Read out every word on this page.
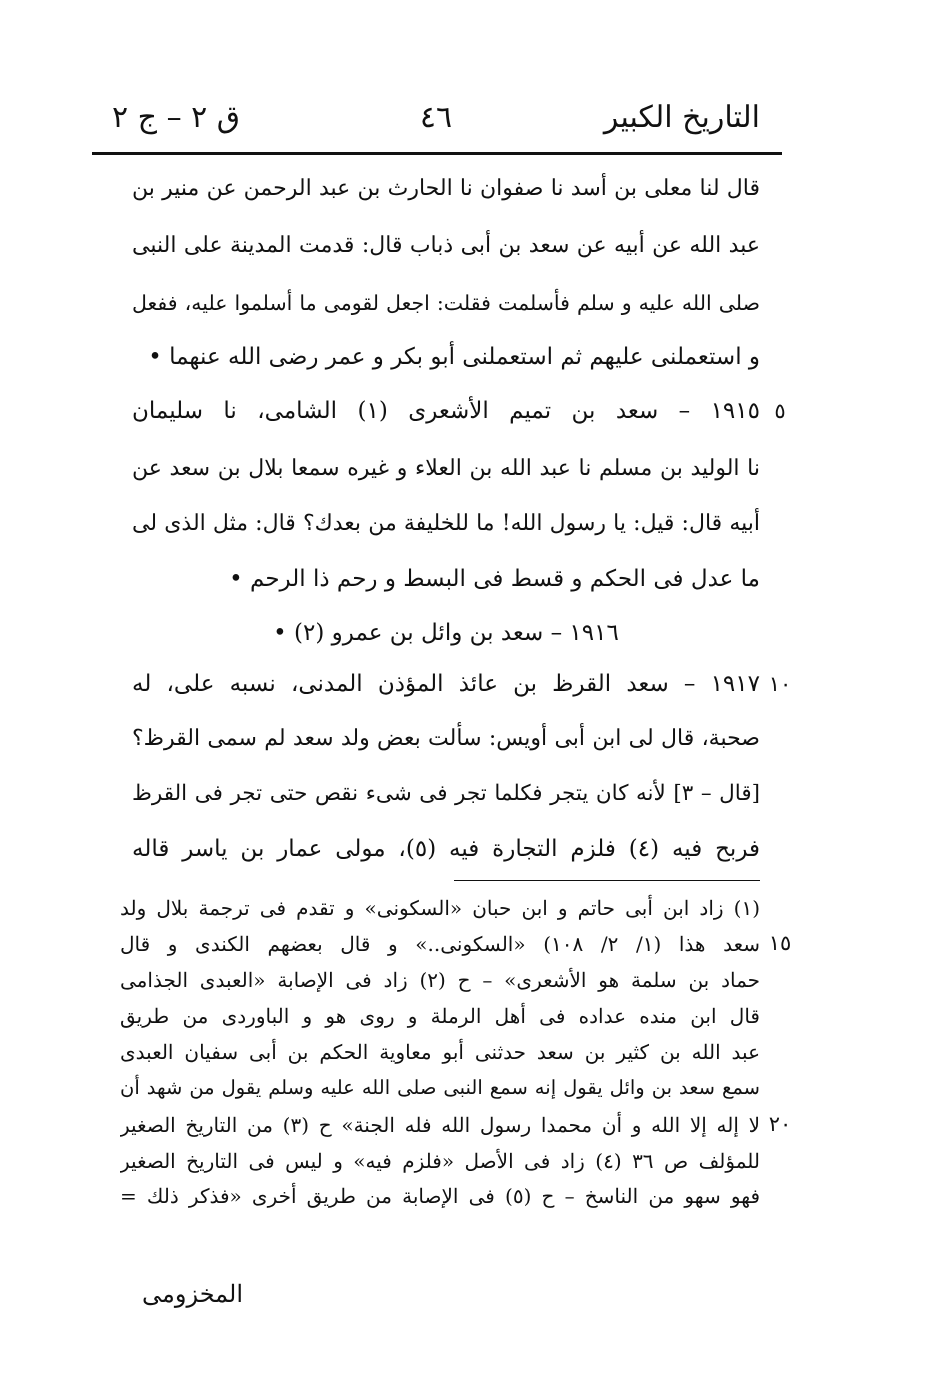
التاريخ الكبير
٤٦
ق ٢ – ج ٢
قال لنا معلى بن أسد نا صفوان نا الحارث بن عبد الرحمن عن منير بن
عبد الله عن أبيه عن سعد بن أبى ذباب قال: قدمت المدينة على النبى
صلى الله عليه و سلم فأسلمت فقلت: اجعل لقومى ما أسلموا عليه، ففعل
و استعملنى عليهم ثم استعملنى أبو بكر و عمر رضى الله عنهما •
١٩١٥ – سعد بن تميم الأشعرى (١) الشامى، نا سليمان
نا الوليد بن مسلم نا عبد الله بن العلاء و غيره سمعا بلال بن سعد عن
أبيه قال: قيل: يا رسول الله! ما للخليفة من بعدك؟ قال: مثل الذى لى
ما عدل فى الحكم و قسط فى البسط و رحم ذا الرحم •
١٩١٦ – سعد بن وائل بن عمرو (٢) •
١٩١٧ – سعد القرظ بن عائذ المؤذن المدنى، نسبه على، له
صحبة، قال لى ابن أبى أويس: سألت بعض ولد سعد لم سمى القرظ؟
[قال – ٣] لأنه كان يتجر فكلما تجر فى شىء نقص حتى تجر فى القرظ
فربح فيه (٤) فلزم التجارة فيه (٥)، مولى عمار بن ياسر قاله
(١) زاد ابن أبى حاتم و ابن حبان «السكونى» و تقدم فى ترجمة بلال ولد
سعد هذا (١/ ٢/ ١٠٨) «السكونى..» و قال بعضهم الكندى و قال
حماد بن سلمة هو الأشعرى» – ح (٢) زاد فى الإصابة «العبدى الجذامى
قال ابن منده عداده فى أهل الرملة و روى هو و الباوردى من طريق
عبد الله بن كثير بن سعد حدثنى أبو معاوية الحكم بن أبى سفيان العبدى
سمع سعد بن وائل يقول إنه سمع النبى صلى الله عليه وسلم يقول من شهد أن
لا إله إلا الله و أن محمدا رسول الله فله الجنة» ح (٣) من التاريخ الصغير
للمؤلف ص ٣٦ (٤) زاد فى الأصل «فلزم فيه» و ليس فى التاريخ الصغير
فهو سهو من الناسخ – ح (٥) فى الإصابة من طريق أخرى «فذكر ذلك =
٥
١٠
١٥
٢٠
المخزومى
